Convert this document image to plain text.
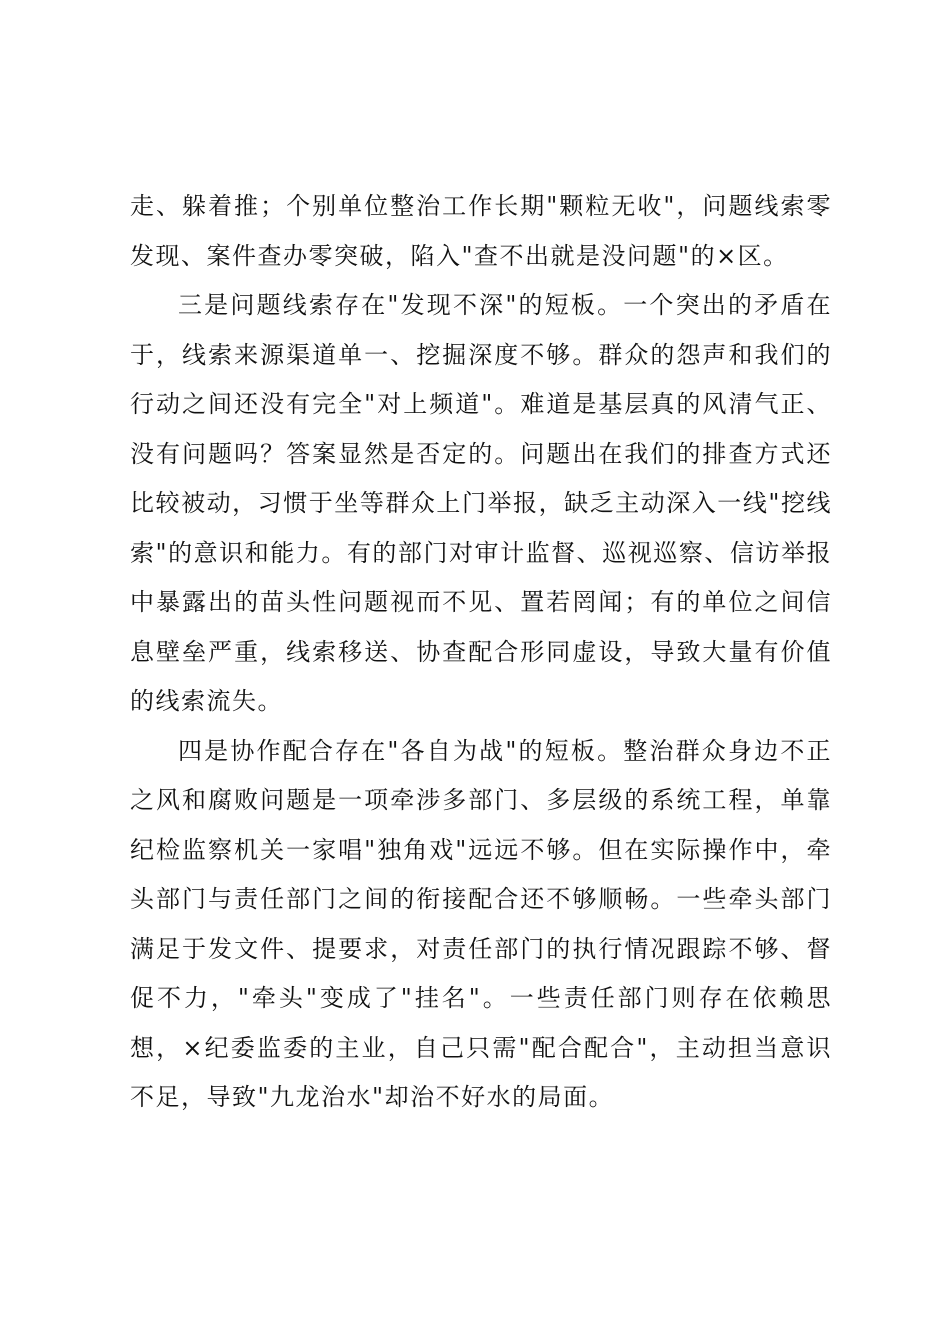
走、躲着推；个别单位整治工作长期"颗粒无收"，问题线索零发现、案件查办零突破，陷入"查不出就是没问题"的×区。

三是问题线索存在"发现不深"的短板。一个突出的矛盾在于，线索来源渠道单一、挖掘深度不够。群众的怨声和我们的行动之间还没有完全"对上频道"。难道是基层真的风清气正、没有问题吗？答案显然是否定的。问题出在我们的排查方式还比较被动，习惯于坐等群众上门举报，缺乏主动深入一线"挖线索"的意识和能力。有的部门对审计监督、巡视巡察、信访举报中暴露出的苗头性问题视而不见、置若罔闻；有的单位之间信息壁垒严重，线索移送、协查配合形同虚设，导致大量有价值的线索流失。

四是协作配合存在"各自为战"的短板。整治群众身边不正之风和腐败问题是一项牵涉多部门、多层级的系统工程，单靠纪检监察机关一家唱"独角戏"远远不够。但在实际操作中，牵头部门与责任部门之间的衔接配合还不够顺畅。一些牵头部门满足于发文件、提要求，对责任部门的执行情况跟踪不够、督促不力，"牵头"变成了"挂名"。一些责任部门则存在依赖思想，×纪委监委的主业，自己只需"配合配合"，主动担当意识不足，导致"九龙治水"却治不好水的局面。
